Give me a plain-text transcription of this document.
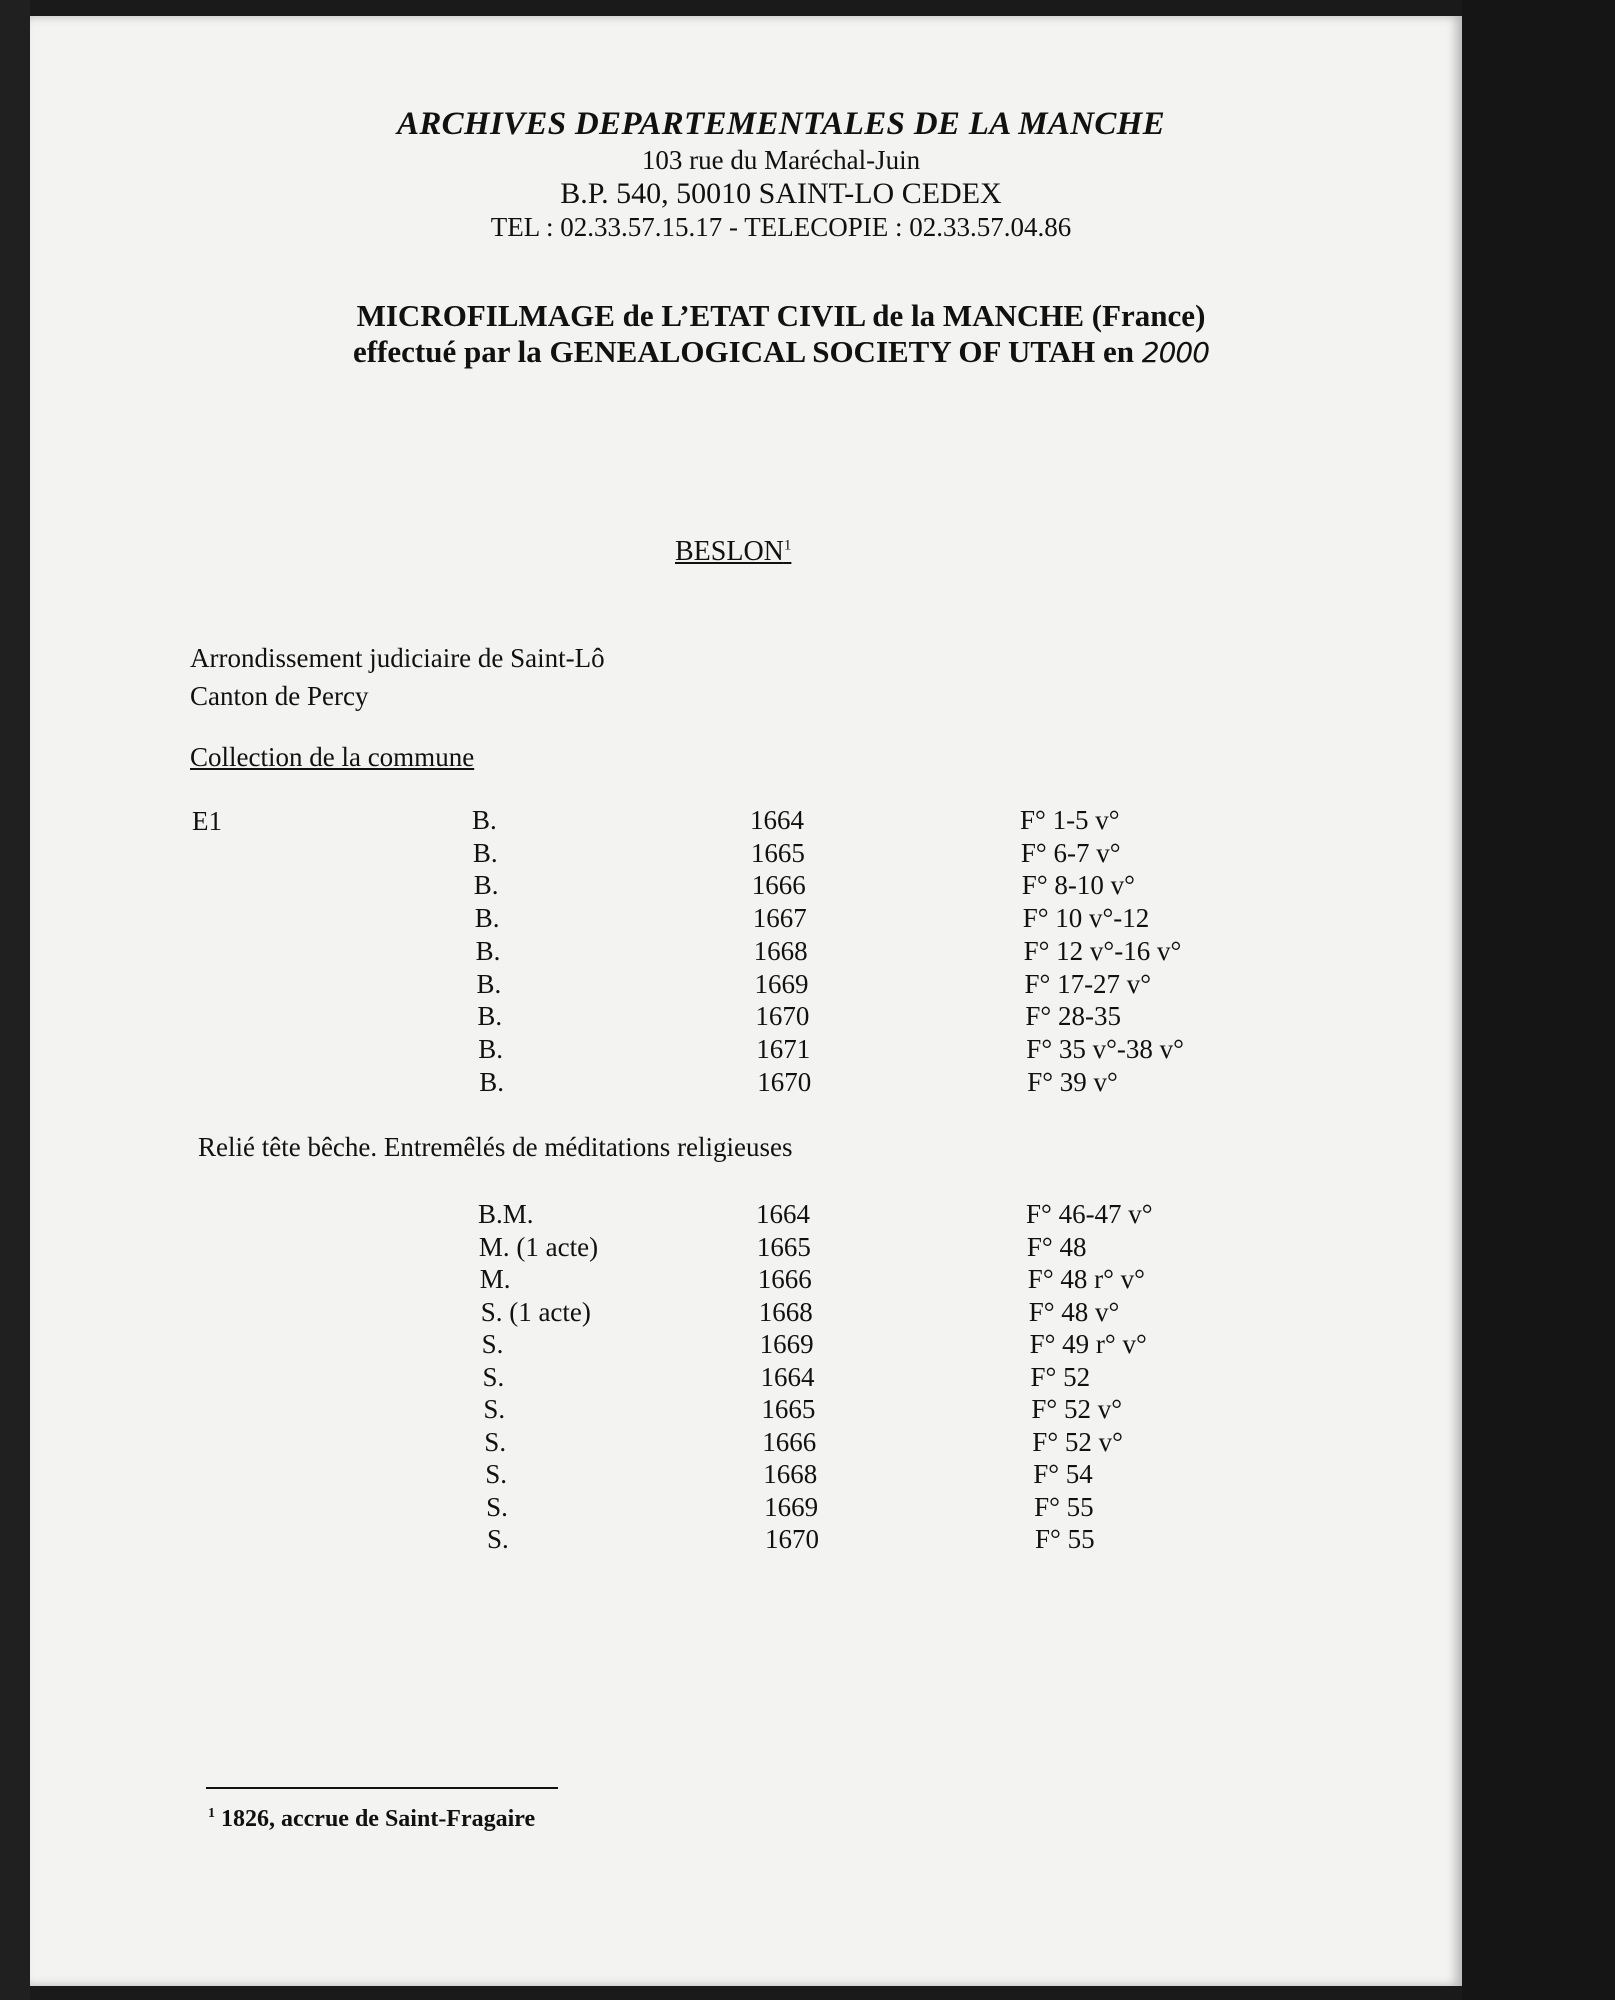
ARCHIVES DEPARTEMENTALES DE LA MANCHE
103 rue du Maréchal-Juin
B.P. 540, 50010 SAINT-LO CEDEX
TEL : 02.33.57.15.17 - TELECOPIE : 02.33.57.04.86
MICROFILMAGE de L’ETAT CIVIL de la MANCHE (France)
effectué par la GENEALOGICAL SOCIETY OF UTAH en 2000
BESLON$^1$
Arrondissement judiciaire de Saint-Lô
Canton de Percy
Collection de la commune
E1	B.	1664	F° 1-5 v°
B.	1665	F° 6-7 v°
B.	1666	F° 8-10 v°
B.	1667	F° 10 v°-12
B.	1668	F° 12 v°-16 v°
B.	1669	F° 17-27 v°
B.	1670	F° 28-35
B.	1671	F° 35 v°-38 v°
B.	1670	F° 39 v°
Relié tête bêche. Entremêlés de méditations religieuses
B.M.	1664	F° 46-47 v°
M. (1 acte)	1665	F° 48
M.	1666	F° 48 r° v°
S. (1 acte)	1668	F° 48 v°
S.	1669	F° 49 r° v°
S.	1664	F° 52
S.	1665	F° 52 v°
S.	1666	F° 52 v°
S.	1668	F° 54
S.	1669	F° 55
S.	1670	F° 55
$^1$ 1826, accrue de Saint-Fragaire
